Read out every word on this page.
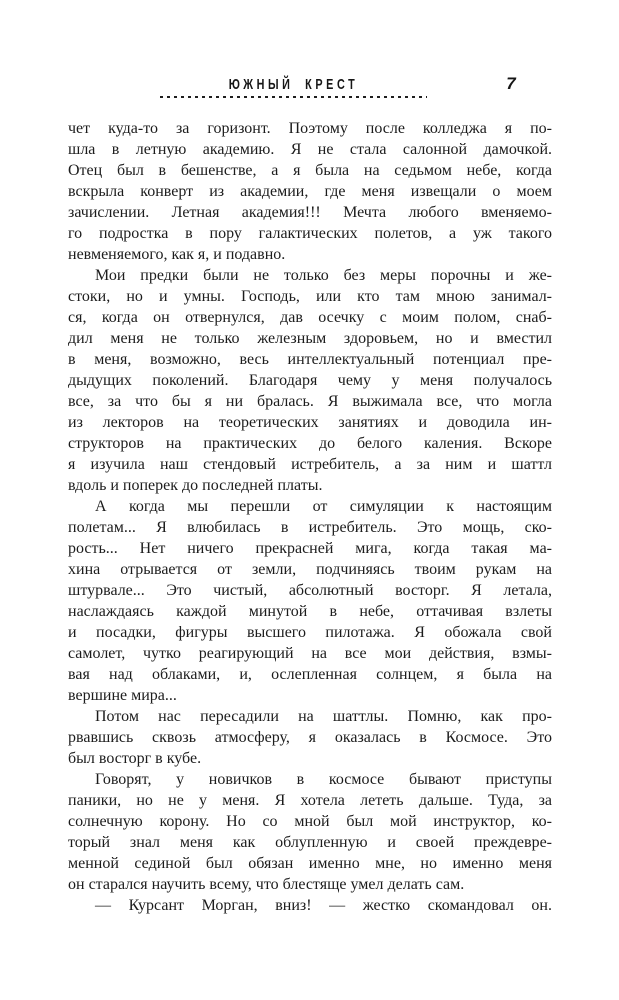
ЮЖНЫЙ КРЕСТ	7
чет куда-то за горизонт. Поэтому после колледжа я по-
шла в летную академию. Я не стала салонной дамочкой.
Отец был в бешенстве, а я была на седьмом небе, когда
вскрыла конверт из академии, где меня извещали о моем
зачислении. Летная академия!!! Мечта любого вменяемо-
го подростка в пору галактических полетов, а уж такого
невменяемого, как я, и подавно.
Мои предки были не только без меры порочны и же-
стоки, но и умны. Господь, или кто там мною занимал-
ся, когда он отвернулся, дав осечку с моим полом, снаб-
дил меня не только железным здоровьем, но и вместил
в меня, возможно, весь интеллектуальный потенциал пре-
дыдущих поколений. Благодаря чему у меня получалось
все, за что бы я ни бралась. Я выжимала все, что могла
из лекторов на теоретических занятиях и доводила ин-
структоров на практических до белого каления. Вскоре
я изучила наш стендовый истребитель, а за ним и шаттл
вдоль и поперек до последней платы.
А когда мы перешли от симуляции к настоящим
полетам... Я влюбилась в истребитель. Это мощь, ско-
рость... Нет ничего прекрасней мига, когда такая ма-
хина отрывается от земли, подчиняясь твоим рукам на
штурвале... Это чистый, абсолютный восторг. Я летала,
наслаждаясь каждой минутой в небе, оттачивая взлеты
и посадки, фигуры высшего пилотажа. Я обожала свой
самолет, чутко реагирующий на все мои действия, взмы-
вая над облаками, и, ослепленная солнцем, я была на
вершине мира...
Потом нас пересадили на шаттлы. Помню, как про-
рвавшись сквозь атмосферу, я оказалась в Космосе. Это
был восторг в кубе.
Говорят, у новичков в космосе бывают приступы
паники, но не у меня. Я хотела лететь дальше. Туда, за
солнечную корону. Но со мной был мой инструктор, ко-
торый знал меня как облупленную и своей преждевре-
менной сединой был обязан именно мне, но именно меня
он старался научить всему, что блестяще умел делать сам.
— Курсант Морган, вниз! — жестко скомандовал он.
